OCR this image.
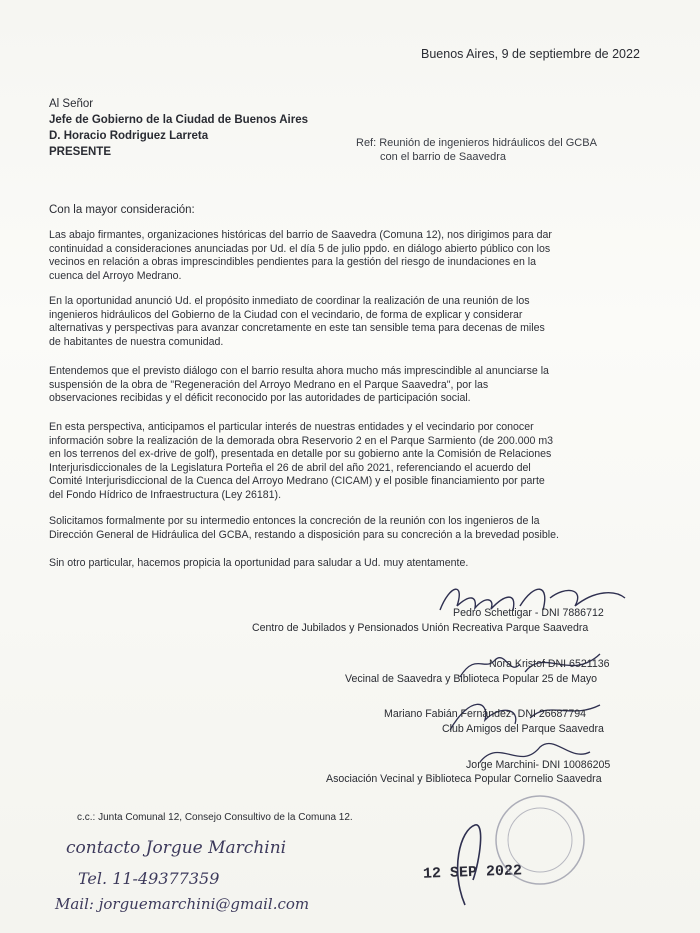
Buenos Aires, 9 de septiembre de 2022
Al Señor
Jefe de Gobierno de la Ciudad de Buenos Aires
D. Horacio Rodriguez Larreta
PRESENTE
Ref: Reunión de ingenieros hidráulicos del GCBA
con el barrio de Saavedra
Con la mayor consideración:
Las abajo firmantes, organizaciones históricas del barrio de Saavedra (Comuna 12), nos dirigimos para dar
continuidad a consideraciones anunciadas por Ud. el día 5 de julio ppdo. en diálogo abierto público con los
vecinos en relación a obras imprescindibles pendientes para la gestión del riesgo de inundaciones en la
cuenca del Arroyo Medrano.
En la oportunidad anunció Ud. el propósito inmediato de coordinar la realización de una reunión de los
ingenieros hidráulicos del Gobierno de la Ciudad con el vecindario, de forma de explicar y considerar
alternativas y perspectivas para avanzar concretamente en este tan sensible tema para decenas de miles
de habitantes de nuestra comunidad.
Entendemos que el previsto diálogo con el barrio resulta ahora mucho más imprescindible al anunciarse la
suspensión de la obra de "Regeneración del Arroyo Medrano en el Parque Saavedra", por las
observaciones recibidas y el déficit reconocido por las autoridades de participación social.
En esta perspectiva, anticipamos el particular interés de nuestras entidades y el vecindario por conocer
información sobre la realización de la demorada obra Reservorio 2 en el Parque Sarmiento (de 200.000 m3
en los terrenos del ex-drive de golf), presentada en detalle por su gobierno ante la Comisión de Relaciones
Interjurisdiccionales de la Legislatura Porteña el 26 de abril del año 2021, referenciando el acuerdo del
Comité Interjurisdiccional de la Cuenca del Arroyo Medrano (CICAM) y el posible financiamiento por parte
del Fondo Hídrico de Infraestructura (Ley 26181).
Solicitamos formalmente por su intermedio entonces la concreción de la reunión con los ingenieros de la
Dirección General de Hidráulica del GCBA, restando a disposición para su concreción a la brevedad posible.
Sin otro particular, hacemos propicia la oportunidad para saludar a Ud. muy atentamente.
Pedro Schettigar - DNI 7886712
Centro de Jubilados y Pensionados Unión Recreativa Parque Saavedra
Nora Kristof DNI 6521136
Vecinal de Saavedra y Biblioteca Popular 25 de Mayo
Mariano Fabián Fernández- DNI 26687794
Club Amigos del Parque Saavedra
Jorge Marchini- DNI 10086205
Asociación Vecinal y Biblioteca Popular Cornelio Saavedra
c.c.: Junta Comunal 12, Consejo Consultivo de la Comuna 12.
contacto Jorgue Marchini
Tel. 11-49377359
Mail: jorguemarchini@gmail.com
12 SEP 2022
